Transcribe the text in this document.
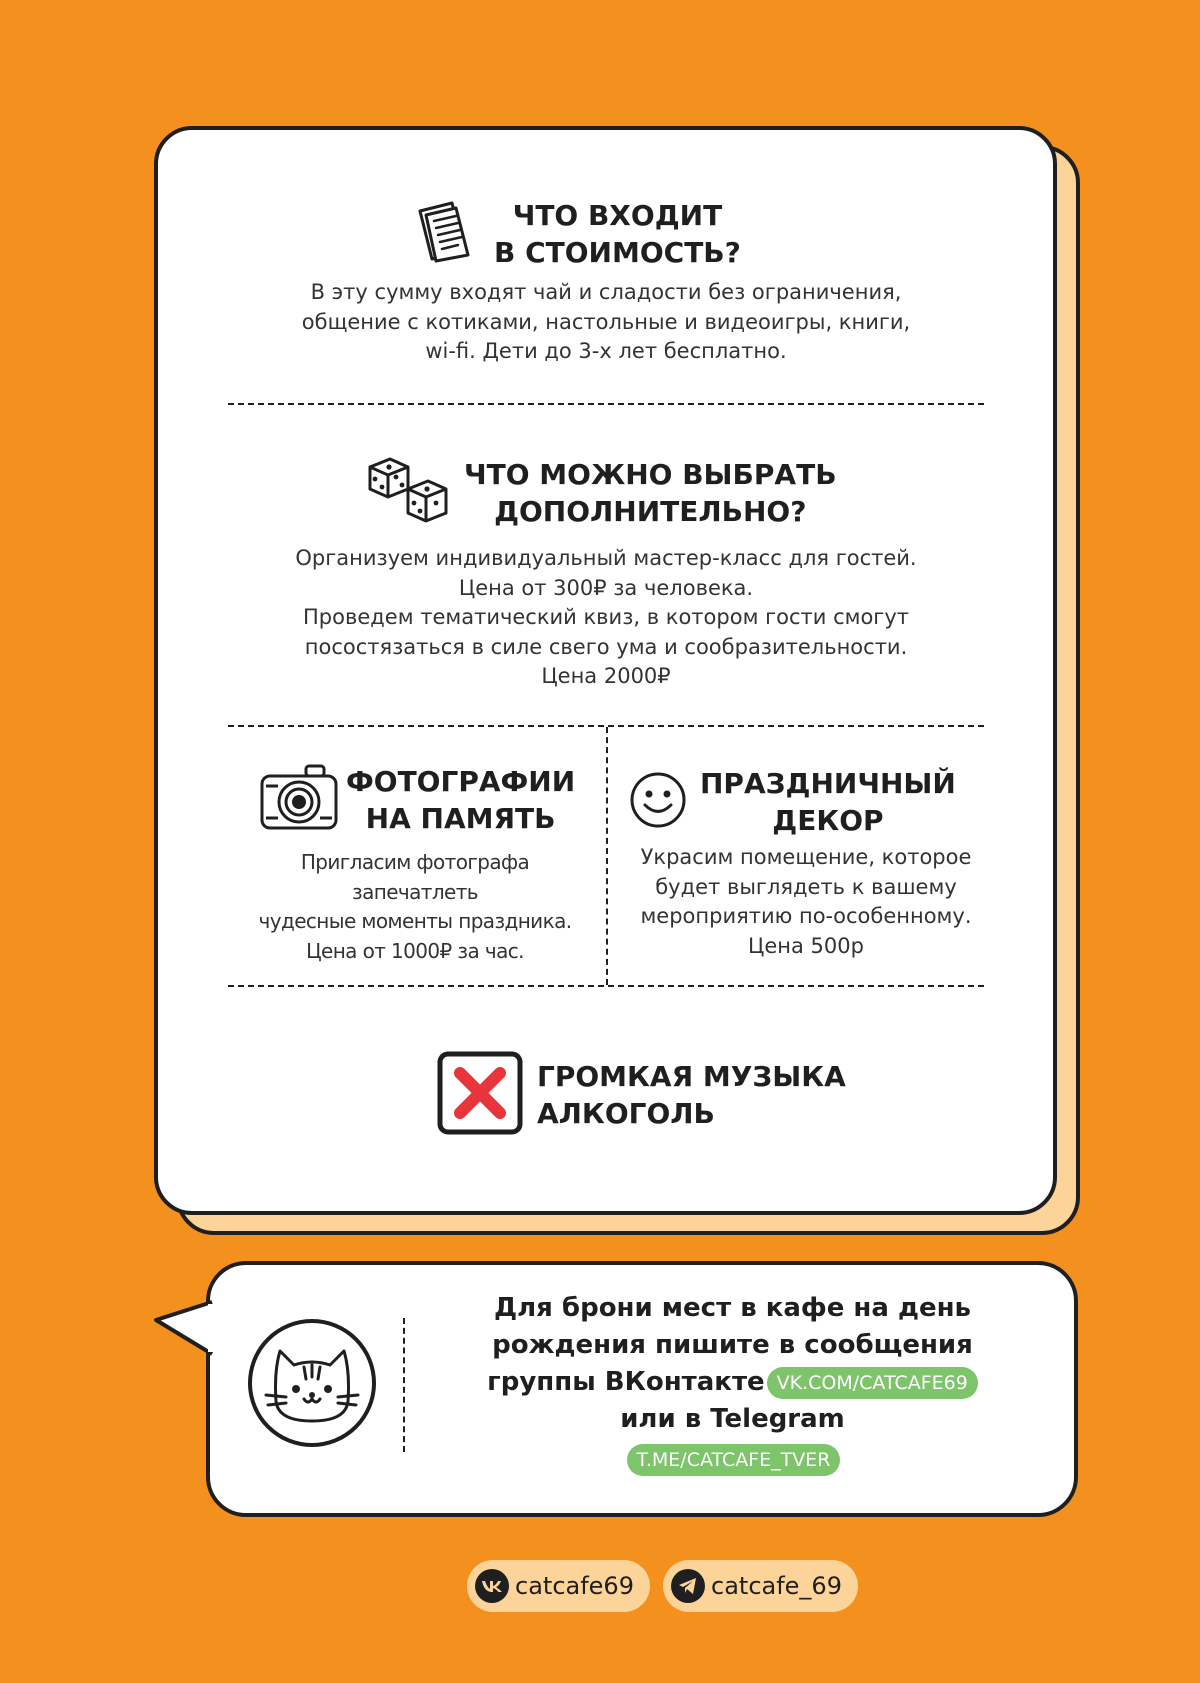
ЧТО ВХОДИТ
В СТОИМОСТЬ?
В эту сумму входят чай и сладости без ограничения,
общение с котиками, настольные и видеоигры, книги,
wi-fi. Дети до 3-х лет бесплатно.
ЧТО МОЖНО ВЫБРАТЬ
ДОПОЛНИТЕЛЬНО?
Организуем индивидуальный мастер-класс для гостей.
Цена от 300₽ за человека.
Проведем тематический квиз, в котором гости смогут
посостязаться в силе свего ума и сообразительности.
Цена 2000₽
ФОТОГРАФИИ
НА ПАМЯТЬ
Пригласим фотографа
запечатлеть
чудесные моменты праздника.
Цена от 1000₽ за час.
ПРАЗДНИЧНЫЙ
ДЕКОР
Украсим помещение, которое
будет выглядеть к вашему
мероприятию по-особенному.
Цена 500р
ГРОМКАЯ МУЗЫКА
АЛКОГОЛЬ
Для брони мест в кафе на день
рождения пишите в сообщения
группы ВКонтакте VK.COM/CATCAFE69
или в Telegram
T.ME/CATCAFE_TVER
catcafe69	catcafe_69
